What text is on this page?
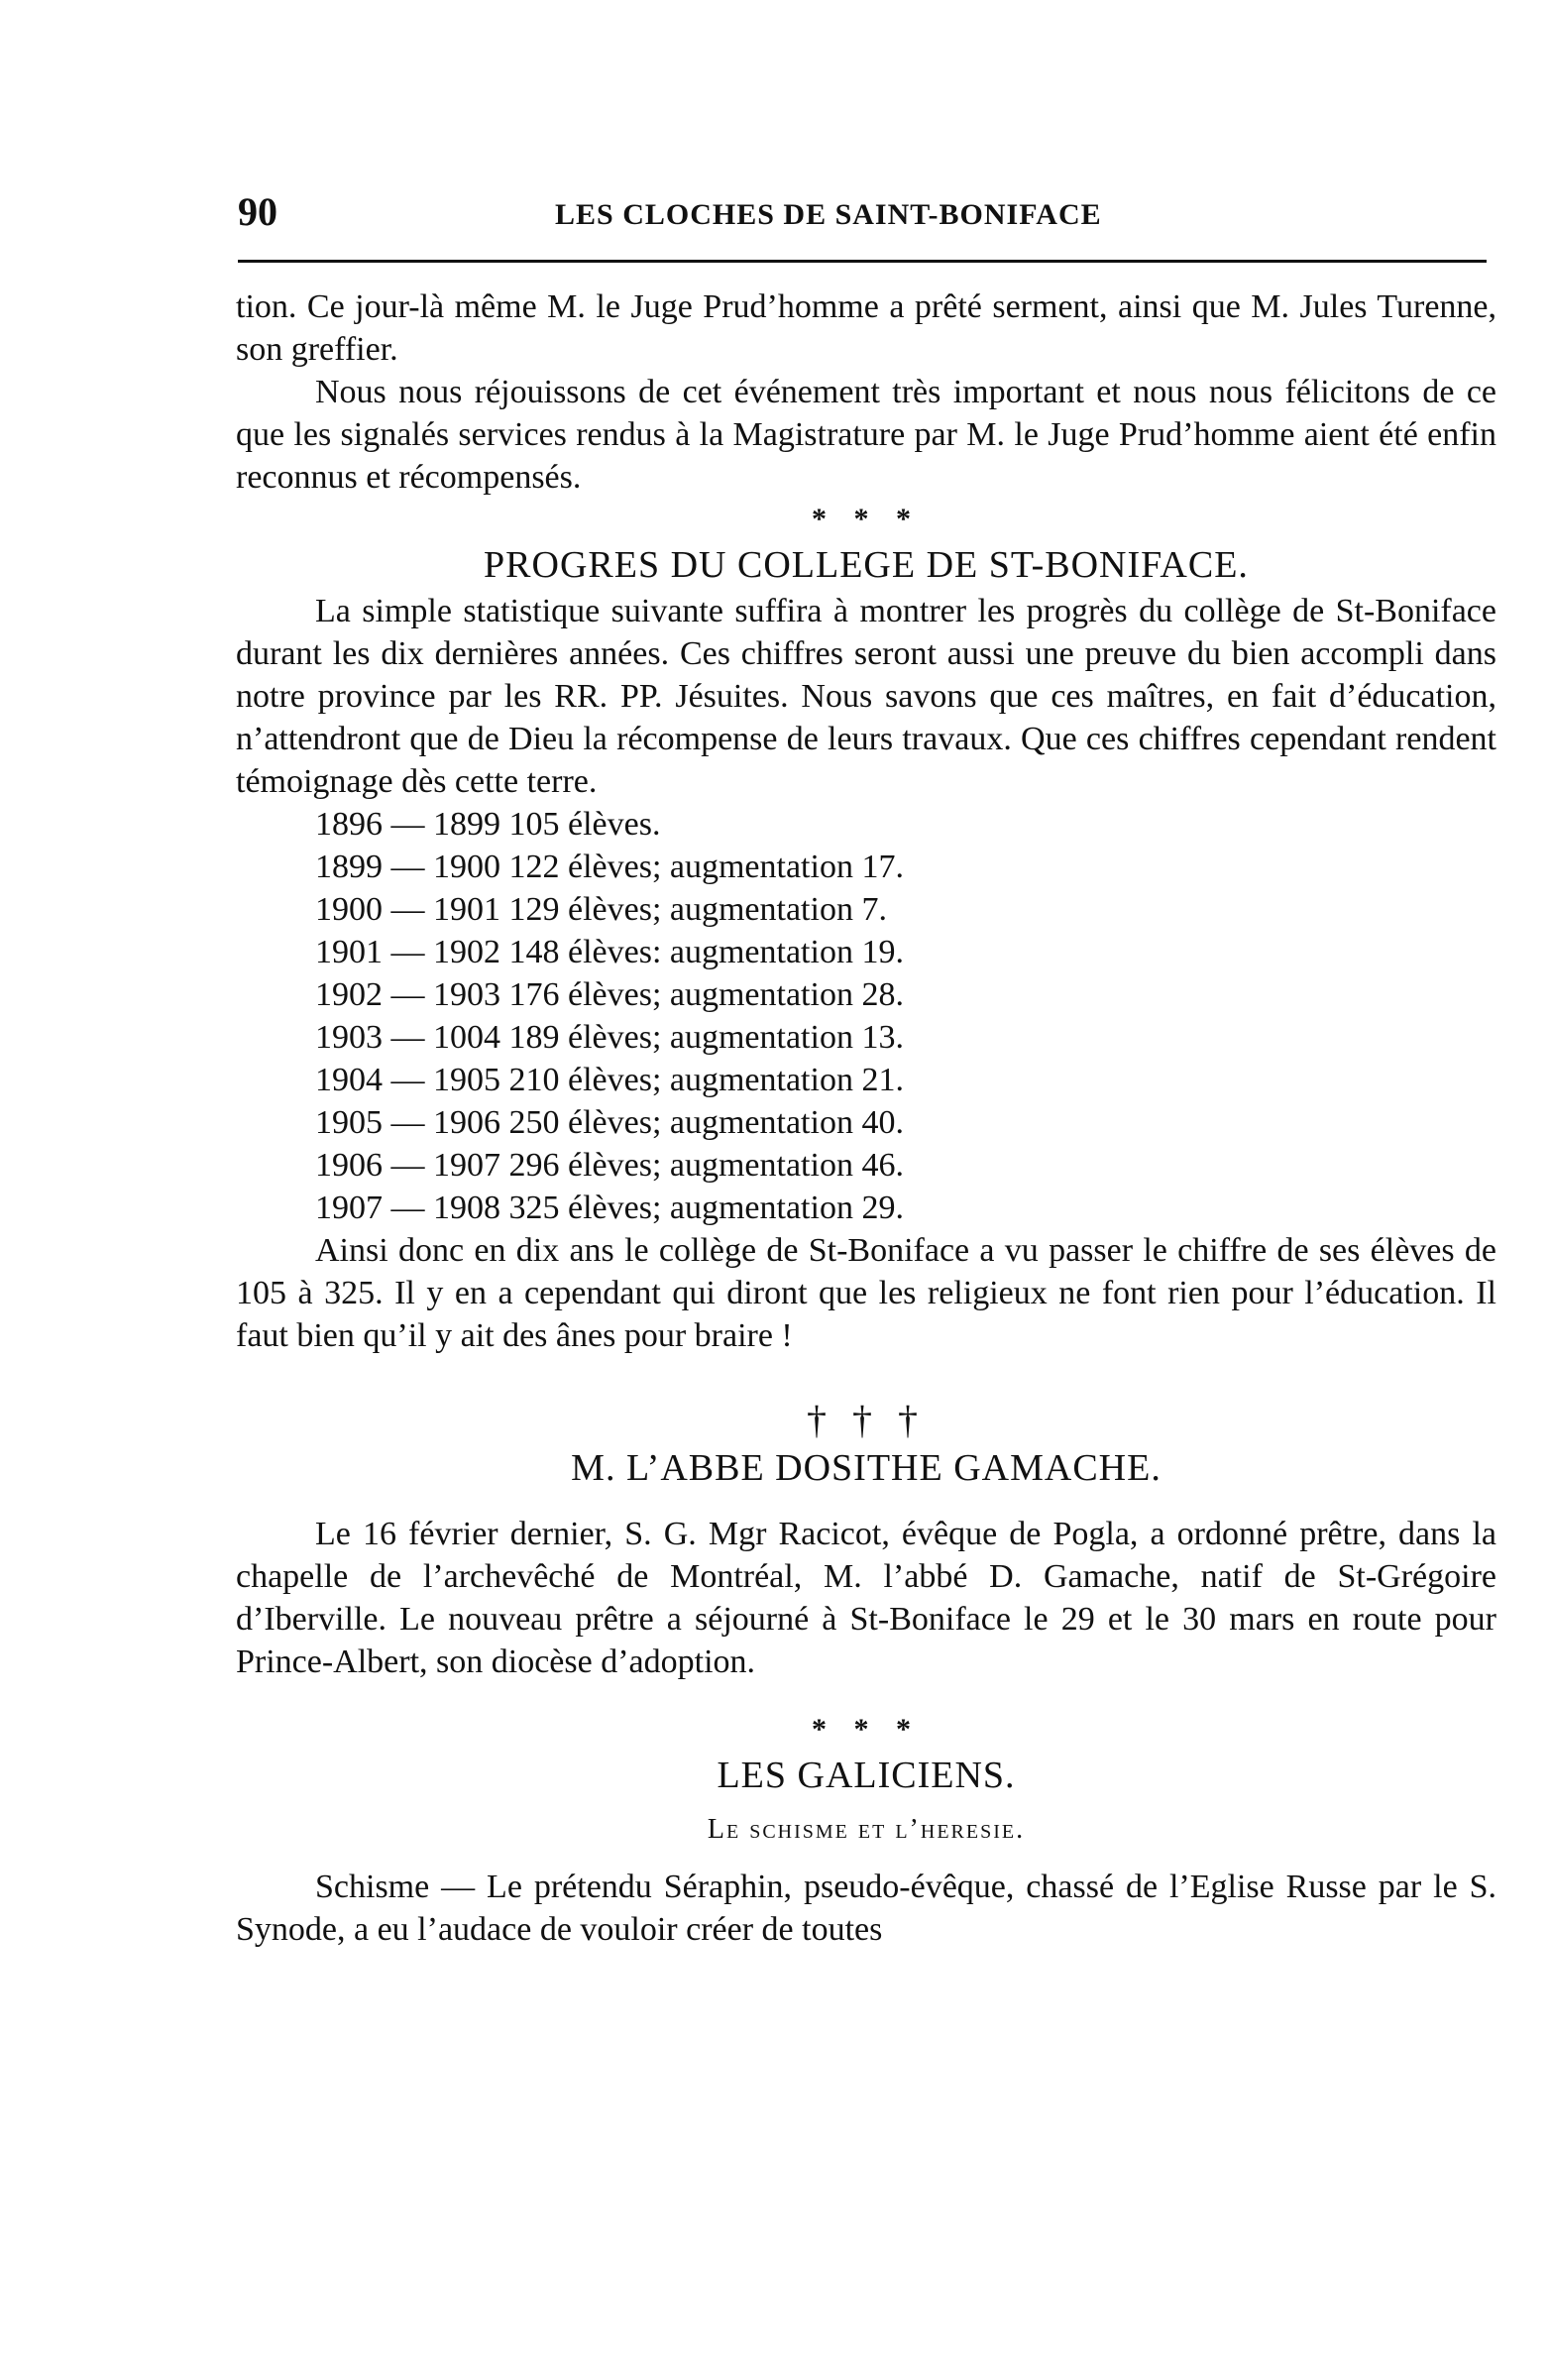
90	LES CLOCHES DE SAINT-BONIFACE

tion. Ce jour-là même M. le Juge Prud’homme a prêté serment, ainsi que M. Jules Turenne, son greffier.

Nous nous réjouissons de cet événement très important et nous nous félicitons de ce que les signalés services rendus à la Magistrature par M. le Juge Prud’homme aient été enfin reconnus et récompensés.

* * *
PROGRES DU COLLEGE DE ST-BONIFACE.

La simple statistique suivante suffira à montrer les progrès du collège de St-Boniface durant les dix dernières années. Ces chiffres seront aussi une preuve du bien accompli dans notre province par les RR. PP. Jésuites. Nous savons que ces maîtres, en fait d’éducation, n’attendront que de Dieu la récompense de leurs travaux. Que ces chiffres cependant rendent témoignage dès cette terre.

1896 — 1899 105 élèves.
1899 — 1900 122 élèves; augmentation 17.
1900 — 1901 129 élèves; augmentation 7.
1901 — 1902 148 élèves: augmentation 19.
1902 — 1903 176 élèves; augmentation 28.
1903 — 1004 189 élèves; augmentation 13.
1904 — 1905 210 élèves; augmentation 21.
1905 — 1906 250 élèves; augmentation 40.
1906 — 1907 296 élèves; augmentation 46.
1907 — 1908 325 élèves; augmentation 29.

Ainsi donc en dix ans le collège de St-Boniface a vu passer le chiffre de ses élèves de 105 à 325. Il y en a cependant qui diront que les religieux ne font rien pour l’éducation. Il faut bien qu’il y ait des ânes pour braire !

† † †
M. L’ABBE DOSITHE GAMACHE.

Le 16 février dernier, S. G. Mgr Racicot, évêque de Pogla, a ordonné prêtre, dans la chapelle de l’archevêché de Montréal, M. l’abbé D. Gamache, natif de St-Grégoire d’Iberville. Le nouveau prêtre a séjourné à St-Boniface le 29 et le 30 mars en route pour Prince-Albert, son diocèse d’adoption.

* * *
LES GALICIENS.
Le schisme et l’heresie.

Schisme — Le prétendu Séraphin, pseudo-évêque, chassé de l’Eglise Russe par le S. Synode, a eu l’audace de vouloir créer de toutes
